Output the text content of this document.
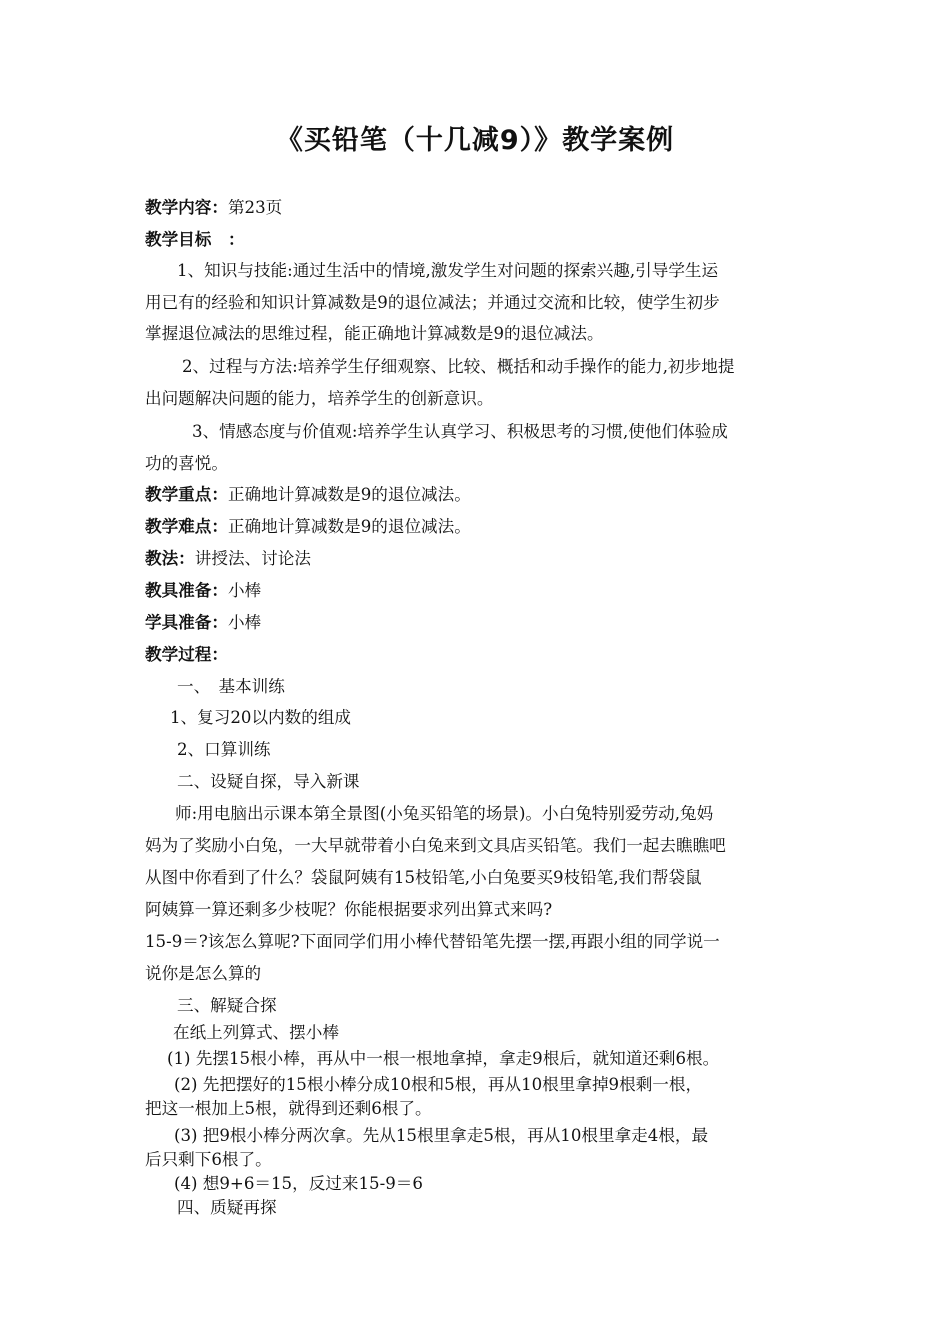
《买铅笔（十几减9）》教学案例
教学内容：第23页
教学目标　：
1、知识与技能:通过生活中的情境,激发学生对问题的探索兴趣,引导学生运
用已有的经验和知识计算减数是9的退位减法；并通过交流和比较，使学生初步
掌握退位减法的思维过程，能正确地计算减数是9的退位减法。
2、过程与方法:培养学生仔细观察、比较、概括和动手操作的能力,初步地提
出问题解决问题的能力，培养学生的创新意识。
3、情感态度与价值观:培养学生认真学习、积极思考的习惯,使他们体验成
功的喜悦。
教学重点：正确地计算减数是9的退位减法。
教学难点：正确地计算减数是9的退位减法。
教法：讲授法、讨论法
教具准备：小棒
学具准备：小棒
教学过程：
一、　基本训练
1、复习20以内数的组成
2、口算训练
二、设疑自探，导入新课
师:用电脑出示课本第全景图(小兔买铅笔的场景)。小白兔特别爱劳动,兔妈
妈为了奖励小白兔，一大早就带着小白兔来到文具店买铅笔。我们一起去瞧瞧吧
从图中你看到了什么？袋鼠阿姨有15枝铅笔,小白兔要买9枝铅笔,我们帮袋鼠
阿姨算一算还剩多少枝呢？你能根据要求列出算式来吗?
15-9＝?该怎么算呢?下面同学们用小棒代替铅笔先摆一摆,再跟小组的同学说一
说你是怎么算的
三、解疑合探
在纸上列算式、摆小棒
(1) 先摆15根小棒，再从中一根一根地拿掉，拿走9根后，就知道还剩6根。
(2) 先把摆好的15根小棒分成10根和5根，再从10根里拿掉9根剩一根，
把这一根加上5根，就得到还剩6根了。
(3) 把9根小棒分两次拿。先从15根里拿走5根，再从10根里拿走4根，最
后只剩下6根了。
(4) 想9+6＝15，反过来15-9＝6
四、质疑再探
